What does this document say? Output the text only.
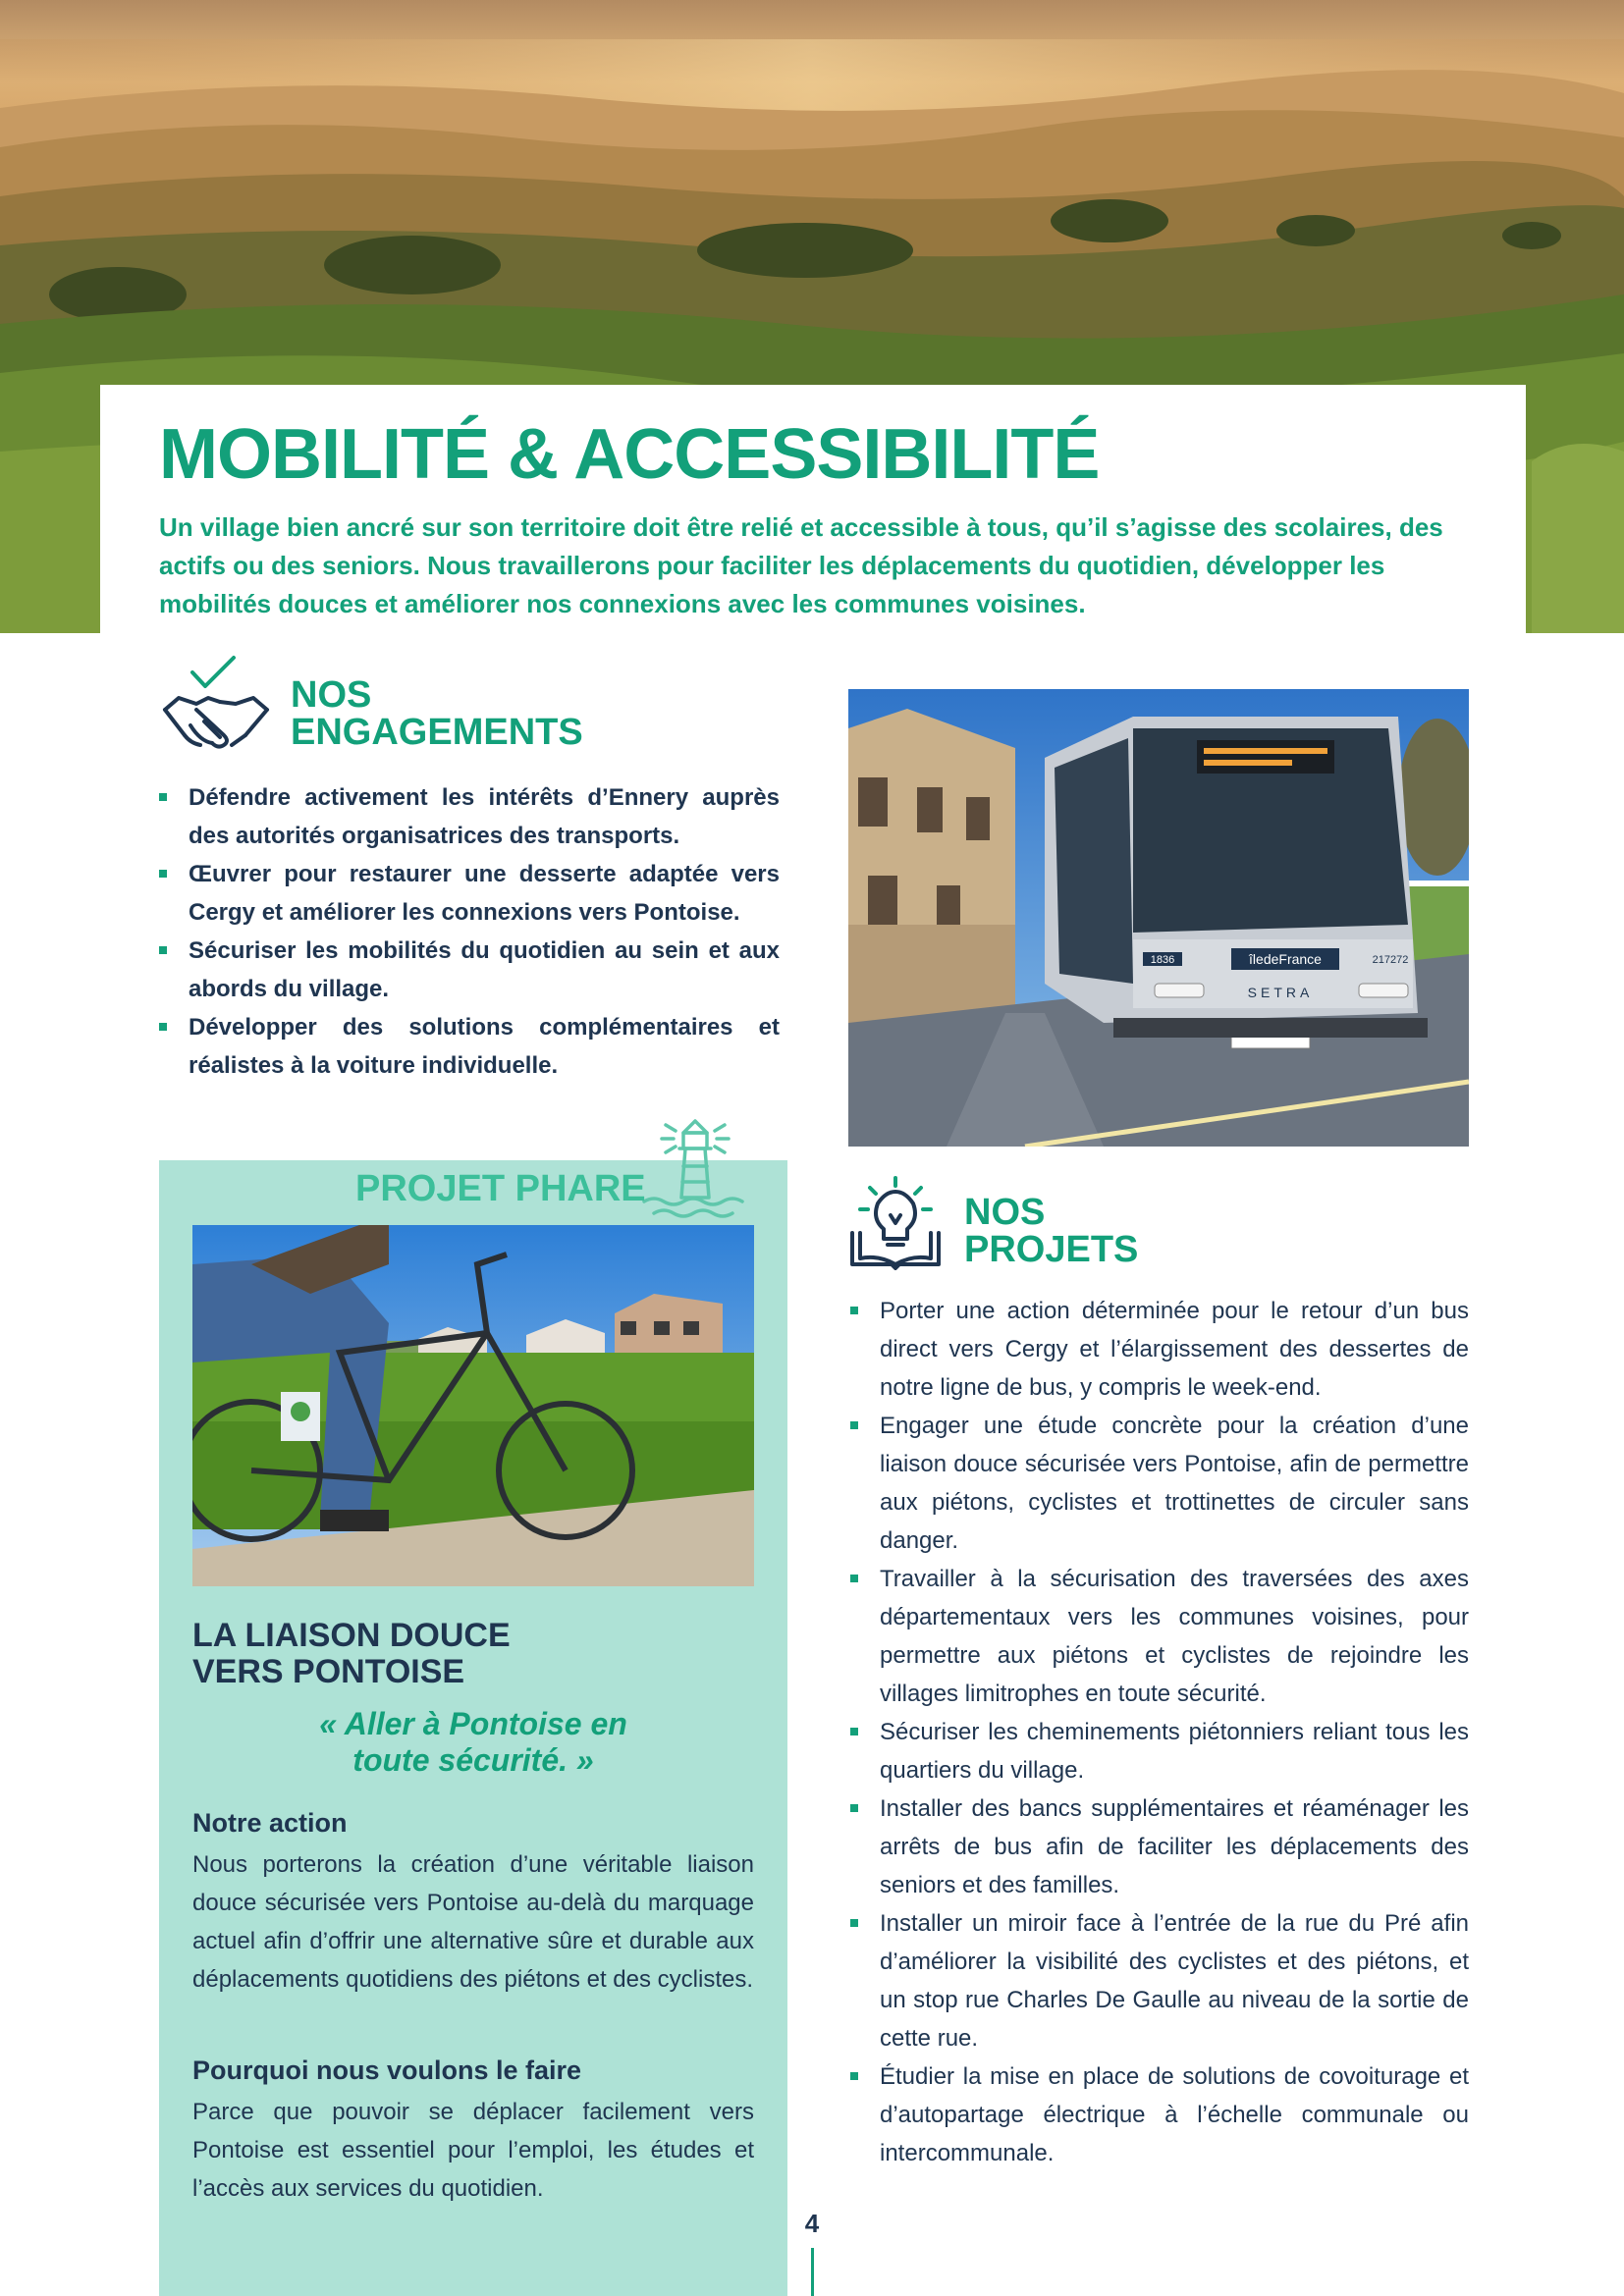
MOBILITÉ & ACCESSIBILITÉ

Un village bien ancré sur son territoire doit être relié et accessible à tous, qu’il s’agisse des scolaires, des actifs ou des seniors. Nous travaillerons pour faciliter les déplacements du quotidien, développer les mobilités douces et améliorer nos connexions avec les communes voisines.

NOS
ENGAGEMENTS
Défendre activement les intérêts d’Ennery auprès des autorités organisatrices des transports.
Œuvrer pour restaurer une desserte adaptée vers Cergy et améliorer les connexions vers Pontoise.
Sécuriser les mobilités du quotidien au sein et aux abords du village.
Développer des solutions complémentaires et réalistes à la voiture individuelle.
1836	îledeFrance	217272
SETRA

PROJET PHARE

LA LIAISON DOUCE
VERS PONTOISE

« Aller à Pontoise en
toute sécurité. »

Notre action

Nous porterons la création d’une véritable liaison douce sécurisée vers Pontoise au-delà du marquage actuel afin d’offrir une alternative sûre et durable aux déplacements quotidiens des piétons et des cyclistes.

Pourquoi nous voulons le faire

Parce que pouvoir se déplacer facilement vers Pontoise est essentiel pour l’emploi, les études et l’accès aux services du quotidien.

NOS
PROJETS
Porter une action déterminée pour le retour d’un bus direct vers Cergy et l’élargissement des dessertes de notre ligne de bus, y compris le week-end.
Engager une étude concrète pour la création d’une liaison douce sécurisée vers Pontoise, afin de permettre aux piétons, cyclistes et trottinettes de circuler sans danger.
Travailler à la sécurisation des traversées des axes départementaux vers les communes voisines, pour permettre aux piétons et cyclistes de rejoindre les villages limitrophes en toute sécurité.
Sécuriser les cheminements piétonniers reliant tous les quartiers du village.
Installer des bancs supplémentaires et réaménager les arrêts de bus afin de faciliter les déplacements des seniors et des familles.
Installer un miroir face à l’entrée de la rue du Pré afin d’améliorer la visibilité des cyclistes et des piétons, et un stop rue Charles De Gaulle au niveau de la sortie de cette rue.
Étudier la mise en place de solutions de covoiturage et d’autopartage électrique à l’échelle communale ou intercommunale.

4
